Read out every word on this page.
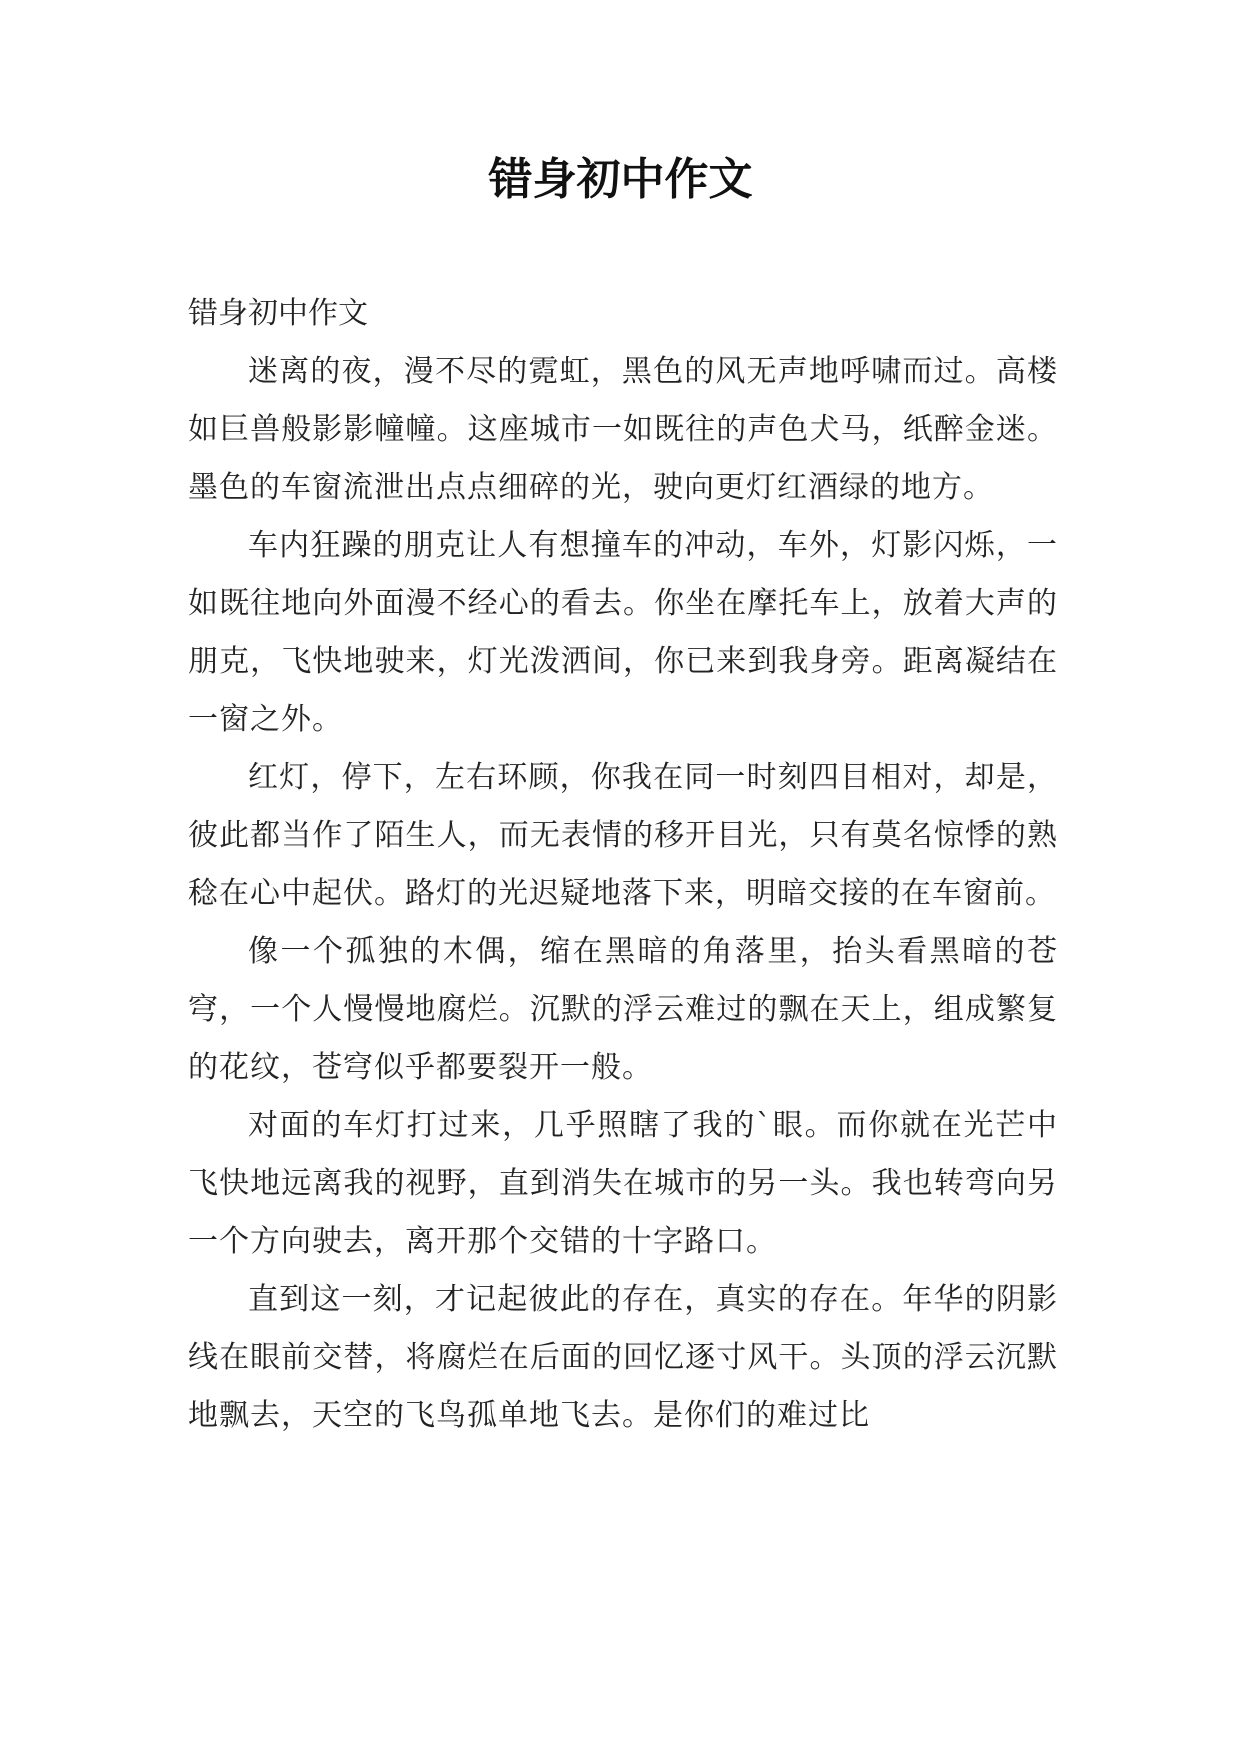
错身初中作文

错身初中作文

迷离的夜，漫不尽的霓虹，黑色的风无声地呼啸而过。高楼如巨兽般影影幢幢。这座城市一如既往的声色犬马，纸醉金迷。墨色的车窗流泄出点点细碎的光，驶向更灯红酒绿的地方。

车内狂躁的朋克让人有想撞车的冲动，车外，灯影闪烁，一如既往地向外面漫不经心的看去。你坐在摩托车上，放着大声的朋克，飞快地驶来，灯光泼洒间，你已来到我身旁。距离凝结在一窗之外。

红灯，停下，左右环顾，你我在同一时刻四目相对，却是，彼此都当作了陌生人，而无表情的移开目光，只有莫名惊悸的熟稔在心中起伏。路灯的光迟疑地落下来，明暗交接的在车窗前。

像一个孤独的木偶，缩在黑暗的角落里，抬头看黑暗的苍穹，一个人慢慢地腐烂。沉默的浮云难过的飘在天上，组成繁复的花纹，苍穹似乎都要裂开一般。

对面的车灯打过来，几乎照瞎了我的`眼。而你就在光芒中飞快地远离我的视野，直到消失在城市的另一头。我也转弯向另一个方向驶去，离开那个交错的十字路口。

直到这一刻，才记起彼此的存在，真实的存在。年华的阴影线在眼前交替，将腐烂在后面的回忆逐寸风干。头顶的浮云沉默地飘去，天空的飞鸟孤单地飞去。是你们的难过比
